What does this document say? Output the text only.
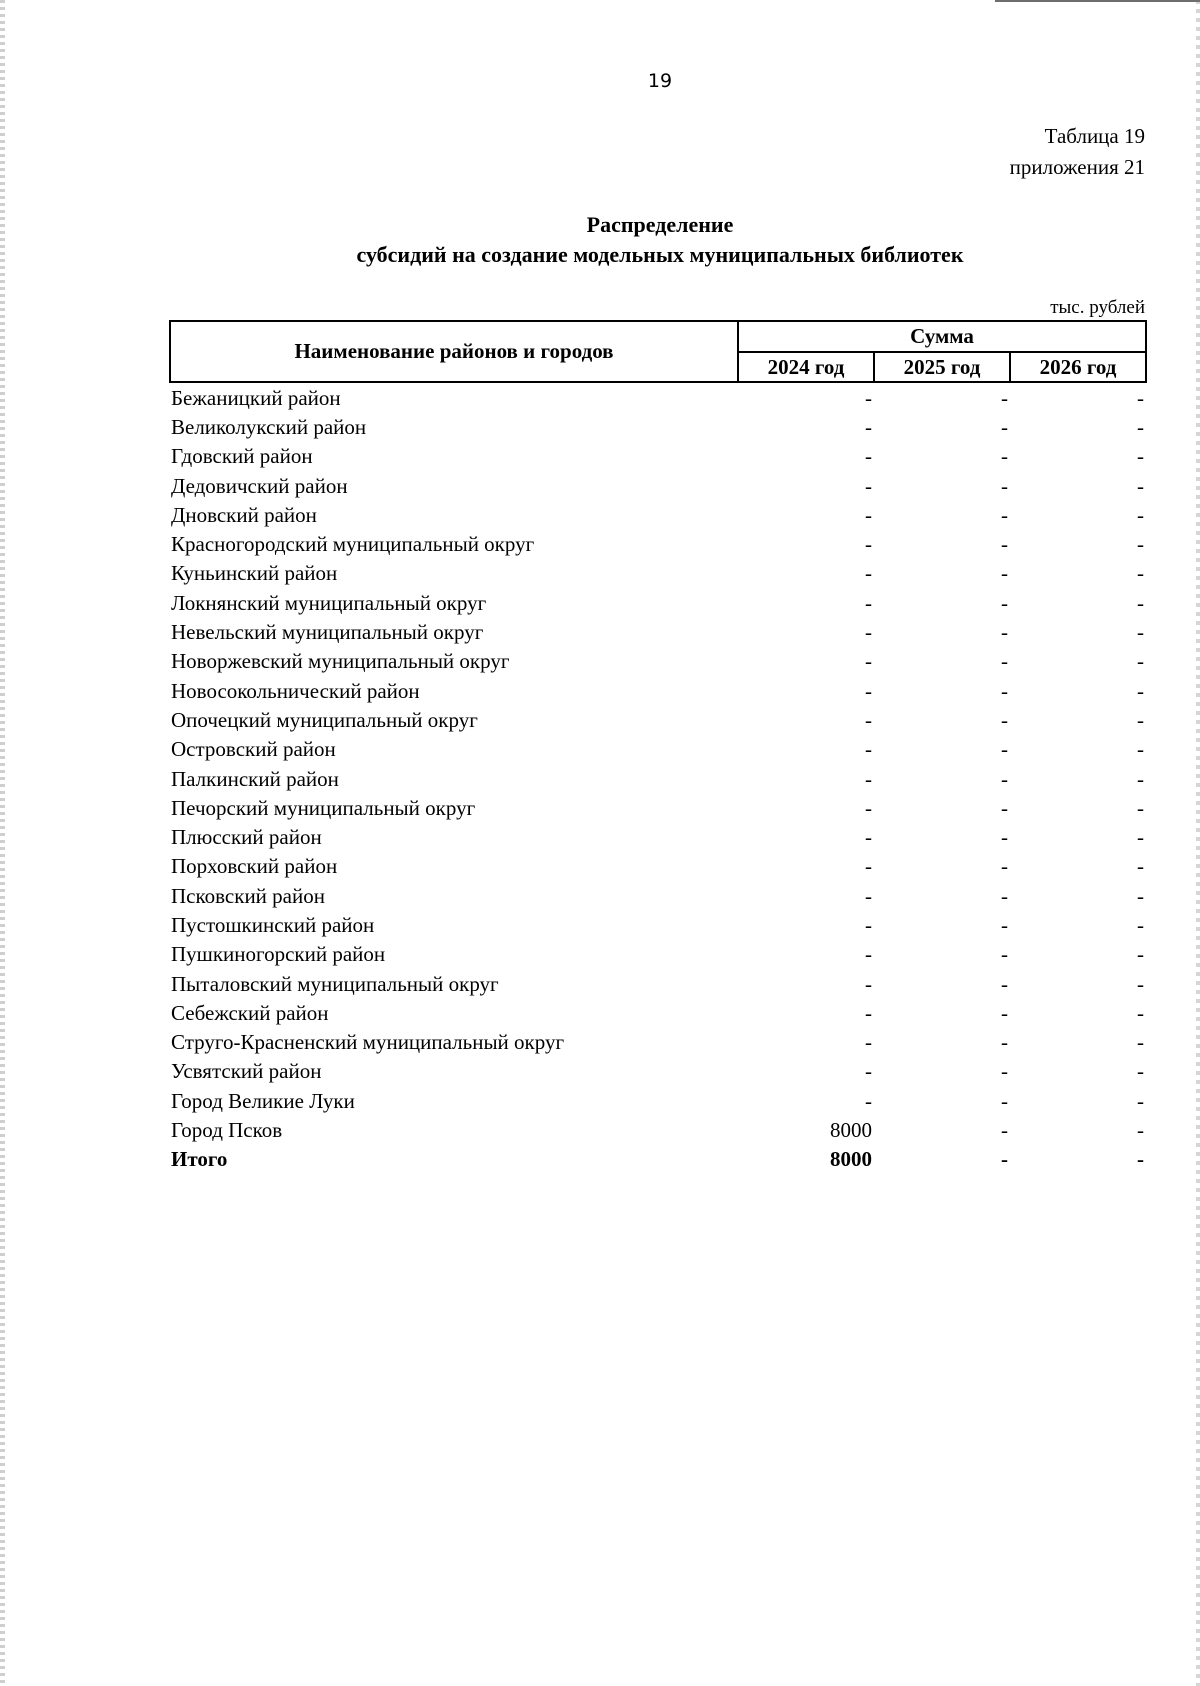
19
Таблица 19
приложения 21
Распределение
субсидий на создание модельных муниципальных библиотек
тыс. рублей
Наименование районов и городов	Сумма		
	2024 год	2025 год	2026 год
Бежаницкий район	-	-	-
Великолукский район	-	-	-
Гдовский район	-	-	-
Дедовичский район	-	-	-
Дновский район	-	-	-
Красногородский муниципальный округ	-	-	-
Куньинский район	-	-	-
Локнянский муниципальный округ	-	-	-
Невельский муниципальный округ	-	-	-
Новоржевский муниципальный округ	-	-	-
Новосокольнический район	-	-	-
Опочецкий муниципальный округ	-	-	-
Островский район	-	-	-
Палкинский район	-	-	-
Печорский муниципальный округ	-	-	-
Плюсский район	-	-	-
Порховский район	-	-	-
Псковский район	-	-	-
Пустошкинский район	-	-	-
Пушкиногорский район	-	-	-
Пыталовский муниципальный округ	-	-	-
Себежский район	-	-	-
Струго-Красненский муниципальный округ	-	-	-
Усвятский район	-	-	-
Город Великие Луки	-	-	-
Город Псков	8000	-	-
Итого	8000	-	-
